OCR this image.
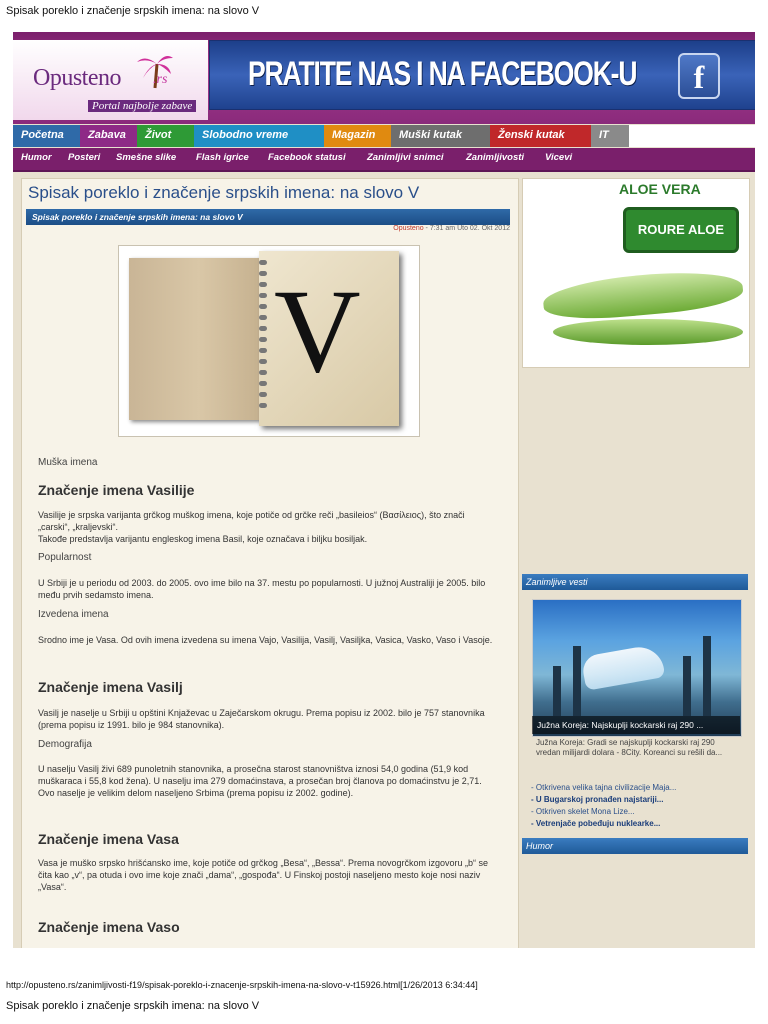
Spisak poreklo i značenje srpskih imena: na slovo V
Opusteno .rs
Portal najbolje zabave
PRATITE NAS I NA FACEBOOK-U	f
Početna	Zabava	Život	Slobodno vreme	Magazin	Muški kutak	Ženski kutak	IT
Humor Posteri Smešne slike Flash igrice Facebook statusi Zanimljivi snimci Zanimljivosti Vicevi
Spisak poreklo i značenje srpskih imena: na slovo V
Spisak poreklo i značenje srpskih imena: na slovo V
Opusteno - 7:31 am Uto 02. Okt 2012
V
Muška imena
Značenje imena Vasilije
Vasilije je srpska varijanta grčkog muškog imena, koje potiče od grčke reči „basileios“ (Βασίλειος), što znači „carski“, „kraljevski“.
Takođe predstavlja varijantu engleskog imena Basil, koje označava i biljku bosiljak.
Popularnost
U Srbiji je u periodu od 2003. do 2005. ovo ime bilo na 37. mestu po popularnosti. U južnoj Australiji je 2005. bilo među prvih sedamsto imena.
Izvedena imena
Srodno ime je Vasa. Od ovih imena izvedena su imena Vajo, Vasilija, Vasilj, Vasiljka, Vasica, Vasko, Vaso i Vasoje.
Značenje imena Vasilj
Vasilj je naselje u Srbiji u opštini Knjaževac u Zaječarskom okrugu. Prema popisu iz 2002. bilo je 757 stanovnika (prema popisu iz 1991. bilo je 984 stanovnika).
Demografija
U naselju Vasilj živi 689 punoletnih stanovnika, a prosečna starost stanovništva iznosi 54,0 godina (51,9 kod muškaraca i 55,8 kod žena). U naselju ima 279 domaćinstava, a prosečan broj članova po domaćinstvu je 2,71. Ovo naselje je velikim delom naseljeno Srbima (prema popisu iz 2002. godine).
Značenje imena Vasa
Vasa je muško srpsko hrišćansko ime, koje potiče od grčkog „Besa“, „Bessa“. Prema novogrčkom izgovoru „b“ se čita kao „v“, pa otuda i ovo ime koje znači „dama“, „gospođa“. U Finskoj postoji naseljeno mesto koje nosi naziv „Vasa“.
Značenje imena Vaso
ALOE VERA
ROURE ALOE
Zanimljive vesti
Južna Koreja: Najskuplji kockarski raj 290 ...
Južna Koreja: Gradi se najskuplji kockarski raj 290 vredan milijardi dolara - 8City. Koreanci su rešili da...
- Otkrivena velika tajna civilizacije Maja...
- U Bugarskoj pronađen najstariji...
- Otkriven skelet Mona Lize...
- Vetrenjače pobeđuju nuklearke...
Humor
http://opusteno.rs/zanimljivosti-f19/spisak-poreklo-i-znacenje-srpskih-imena-na-slovo-v-t15926.html[1/26/2013 6:34:44]
Spisak poreklo i značenje srpskih imena: na slovo V
